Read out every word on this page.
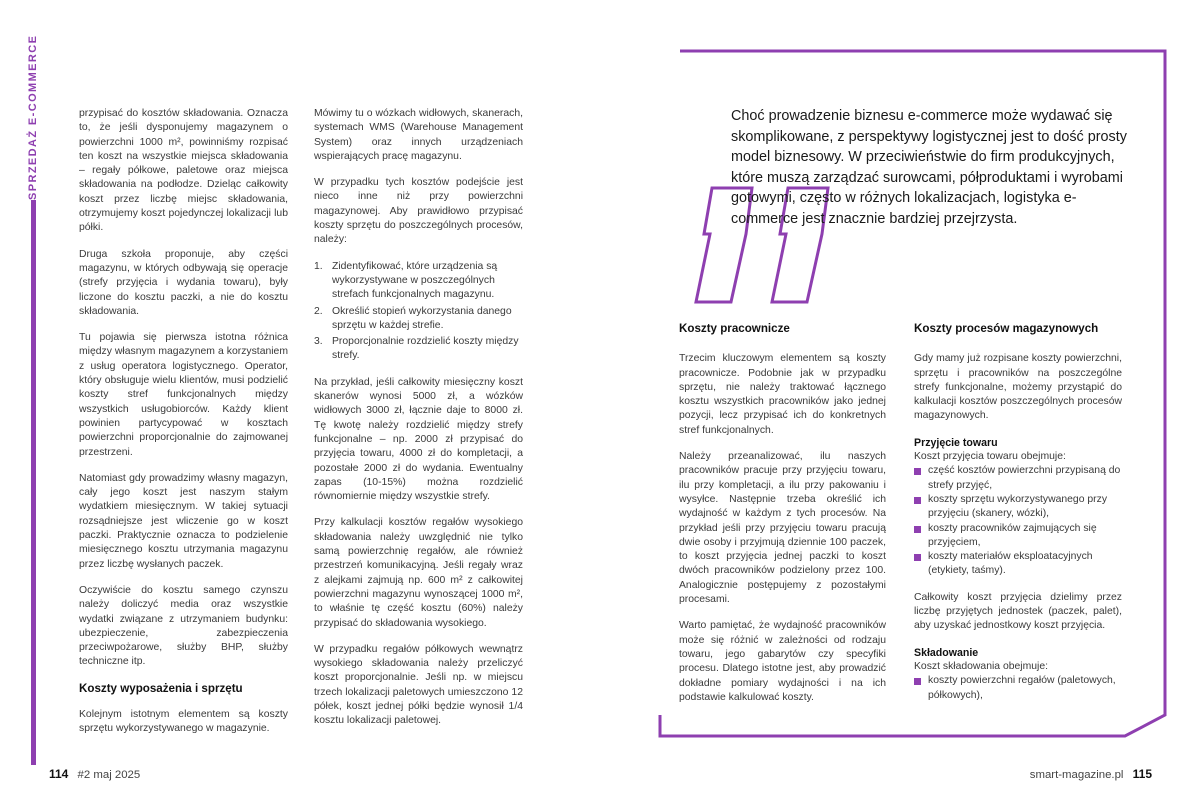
SPRZEDAŻ E-COMMERCE	przypisać do kosztów składowania. Oznacza to, że jeśli dysponujemy magazynem o powierzchni 1000 m², powinniśmy rozpisać ten koszt na wszystkie miejsca składowania – regały półkowe, paletowe oraz miejsca składowania na podłodze. Dzieląc całkowity koszt przez liczbę miejsc składowania, otrzymujemy koszt pojedynczej lokalizacji lub półki.

Druga szkoła proponuje, aby części magazynu, w których odbywają się operacje (strefy przyjęcia i wydania towaru), były liczone do kosztu paczki, a nie do kosztu składowania.

Tu pojawia się pierwsza istotna różnica między własnym magazynem a korzystaniem z usług operatora logistycznego. Operator, który obsługuje wielu klientów, musi podzielić koszty stref funkcjonalnych między wszystkich usługobiorców. Każdy klient powinien partycypować w kosztach powierzchni proporcjonalnie do zajmowanej przestrzeni.

Natomiast gdy prowadzimy własny magazyn, cały jego koszt jest naszym stałym wydatkiem miesięcznym. W takiej sytuacji rozsądniejsze jest wliczenie go w koszt paczki. Praktycznie oznacza to podzielenie miesięcznego kosztu utrzymania magazynu przez liczbę wysłanych paczek.

Oczywiście do kosztu samego czynszu należy doliczyć media oraz wszystkie wydatki związane z utrzymaniem budynku: ubezpieczenie, zabezpieczenia przeciwpożarowe, służby BHP, służby techniczne itp.

Koszty wyposażenia i sprzętu

Kolejnym istotnym elementem są koszty sprzętu wykorzystywanego w magazynie.

Mówimy tu o wózkach widłowych, skanerach, systemach WMS (Warehouse Management System) oraz innych urządzeniach wspierających pracę magazynu.

W przypadku tych kosztów podejście jest nieco inne niż przy powierzchni magazynowej. Aby prawidłowo przypisać koszty sprzętu do poszczególnych procesów, należy:

1. Zidentyfikować, które urządzenia są wykorzystywane w poszczególnych strefach funkcjonalnych magazynu.
2. Określić stopień wykorzystania danego sprzętu w każdej strefie.
3. Proporcjonalnie rozdzielić koszty między strefy.

Na przykład, jeśli całkowity miesięczny koszt skanerów wynosi 5000 zł, a wózków widłowych 3000 zł, łącznie daje to 8000 zł. Tę kwotę należy rozdzielić między strefy funkcjonalne – np. 2000 zł przypisać do przyjęcia towaru, 4000 zł do kompletacji, a pozostałe 2000 zł do wydania. Ewentualny zapas (10-15%) można rozdzielić równomiernie między wszystkie strefy.

Przy kalkulacji kosztów regałów wysokiego składowania należy uwzględnić nie tylko samą powierzchnię regałów, ale również przestrzeń komunikacyjną. Jeśli regały wraz z alejkami zajmują np. 600 m² z całkowitej powierzchni magazynu wynoszącej 1000 m², to właśnie tę część kosztu (60%) należy przypisać do składowania wysokiego.

W przypadku regałów półkowych wewnątrz wysokiego składowania należy przeliczyć koszt proporcjonalnie. Jeśli np. w miejscu trzech lokalizacji paletowych umieszczono 12 półek, koszt jednej półki będzie wynosił 1/4 kosztu lokalizacji paletowej.

Choć prowadzenie biznesu e-commerce może wydawać się skomplikowane, z perspektywy logistycznej jest to dość prosty model biznesowy. W przeciwieństwie do firm produkcyjnych, które muszą zarządzać surowcami, półproduktami i wyrobami gotowymi, często w różnych lokalizacjach, logistyka e-commerce jest znacznie bardziej przejrzysta.
Koszty pracownicze

Trzecim kluczowym elementem są koszty pracownicze. Podobnie jak w przypadku sprzętu, nie należy traktować łącznego kosztu wszystkich pracowników jako jednej pozycji, lecz przypisać ich do konkretnych stref funkcjonalnych.

Należy przeanalizować, ilu naszych pracowników pracuje przy przyjęciu towaru, ilu przy kompletacji, a ilu przy pakowaniu i wysyłce. Następnie trzeba określić ich wydajność w każdym z tych procesów. Na przykład jeśli przy przyjęciu towaru pracują dwie osoby i przyjmują dziennie 100 paczek, to koszt przyjęcia jednej paczki to koszt dwóch pracowników podzielony przez 100. Analogicznie postępujemy z pozostałymi procesami.

Warto pamiętać, że wydajność pracowników może się różnić w zależności od rodzaju towaru, jego gabarytów czy specyfiki procesu. Dlatego istotne jest, aby prowadzić dokładne pomiary wydajności i na ich podstawie kalkulować koszty.

Koszty procesów magazynowych

Gdy mamy już rozpisane koszty powierzchni, sprzętu i pracowników na poszczególne strefy funkcjonalne, możemy przystąpić do kalkulacji kosztów poszczególnych procesów magazynowych.

Przyjęcie towaru
Koszt przyjęcia towaru obejmuje:
część kosztów powierzchni przypisaną do strefy przyjęć,
koszty sprzętu wykorzystywanego przy przyjęciu (skanery, wózki),
koszty pracowników zajmujących się przyjęciem,
koszty materiałów eksploatacyjnych (etykiety, taśmy).

Całkowity koszt przyjęcia dzielimy przez liczbę przyjętych jednostek (paczek, palet), aby uzyskać jednostkowy koszt przyjęcia.

Składowanie
Koszt składowania obejmuje:
koszty powierzchni regałów (paletowych, półkowych),
114 #2 maj 2025	smart-magazine.pl 115
